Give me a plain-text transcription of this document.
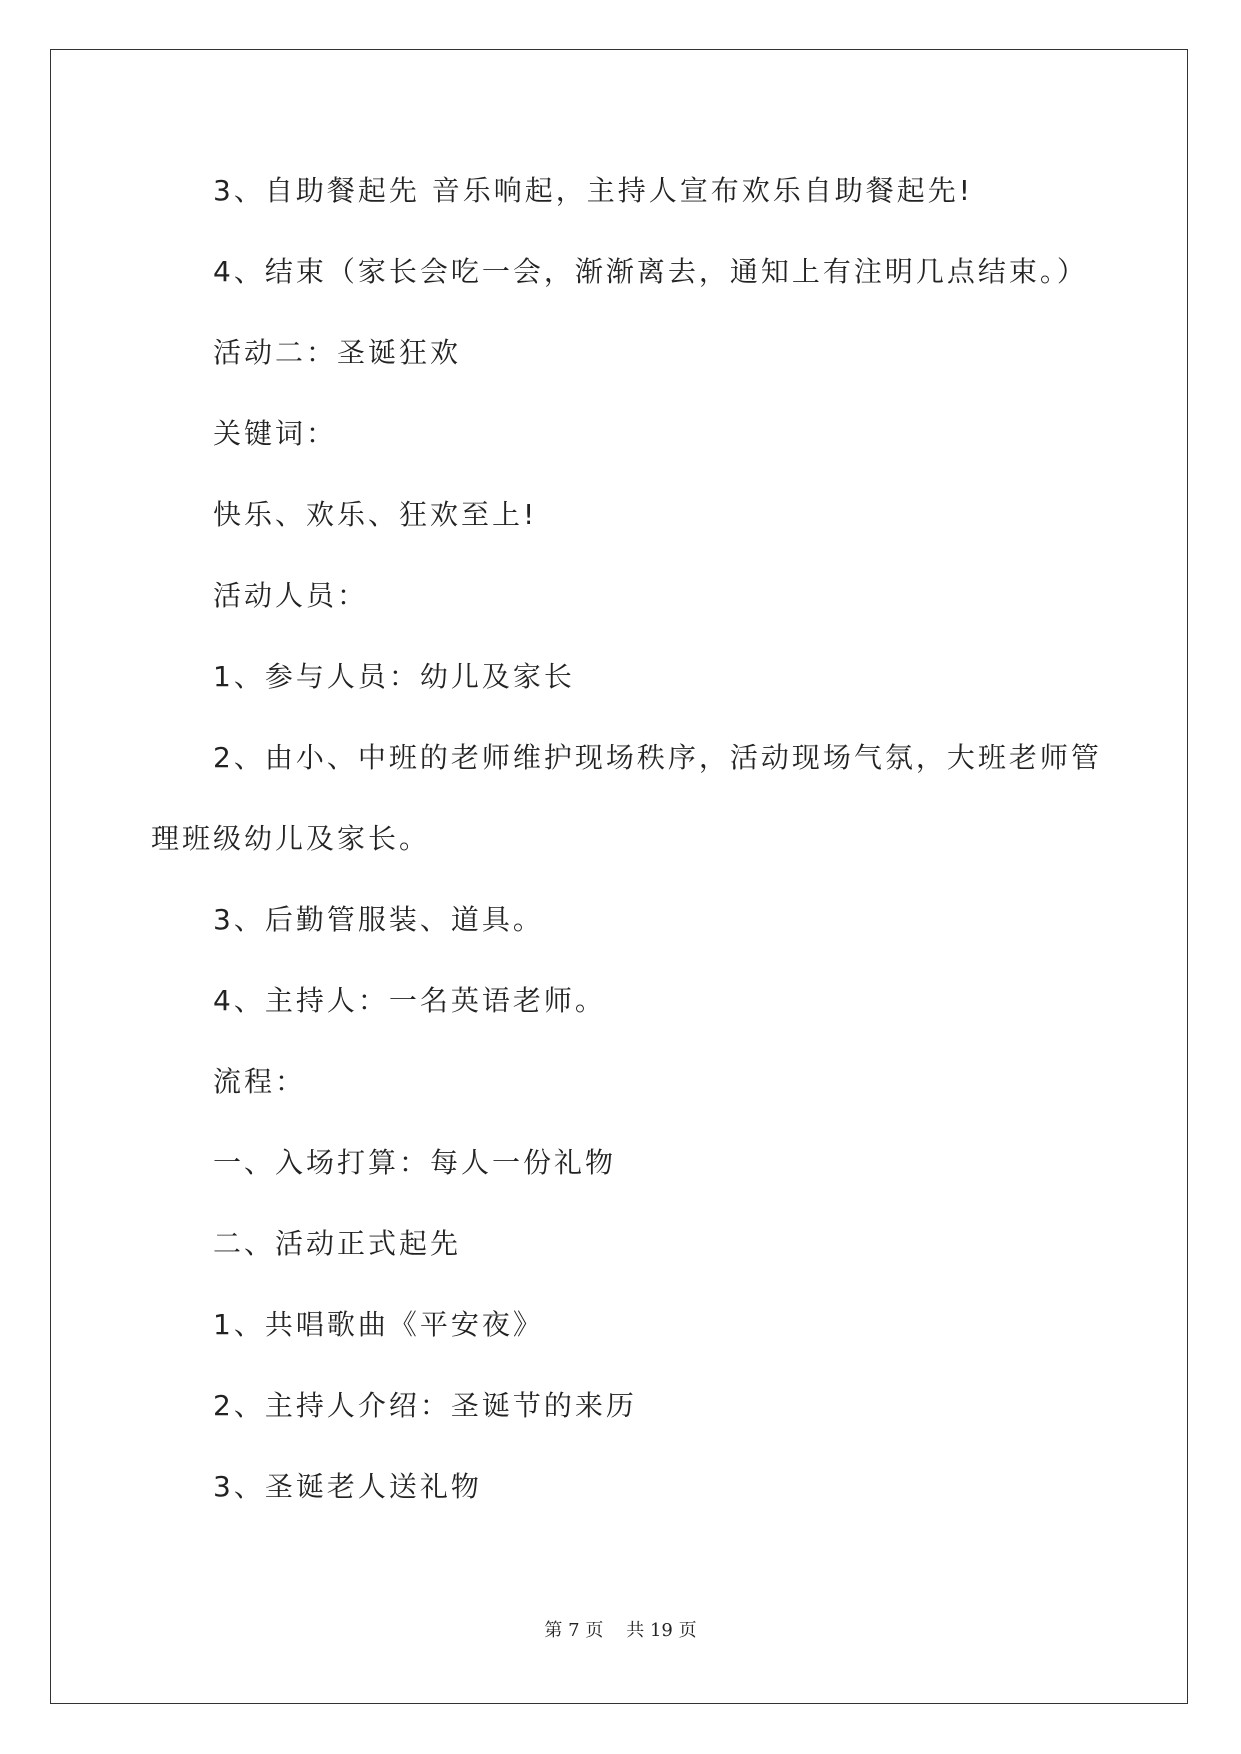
3、自助餐起先 音乐响起，主持人宣布欢乐自助餐起先!
4、结束（家长会吃一会，渐渐离去，通知上有注明几点结束。）
活动二：圣诞狂欢
关键词：
快乐、欢乐、狂欢至上!
活动人员：
1、参与人员：幼儿及家长
2、由小、中班的老师维护现场秩序，活动现场气氛，大班老师管
理班级幼儿及家长。
3、后勤管服装、道具。
4、主持人：一名英语老师。
流程：
一、入场打算：每人一份礼物
二、活动正式起先
1、共唱歌曲《平安夜》
2、主持人介绍：圣诞节的来历
3、圣诞老人送礼物
第 7 页 共 19 页
